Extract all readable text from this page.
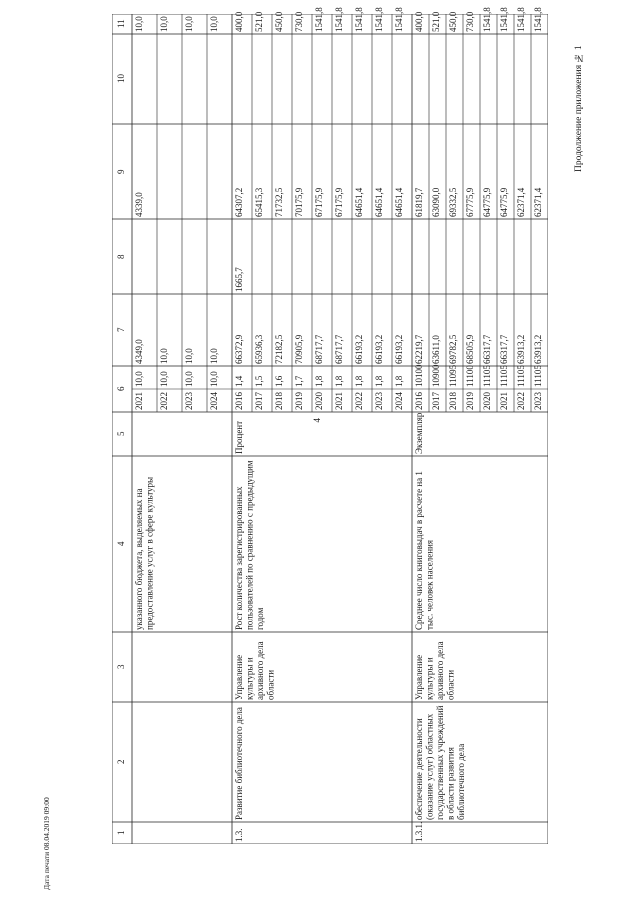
4
Продолжение приложения № 1
Дата печати 08.04.2019 09:00	1
2
3
4
5
6
7
8
9
10
11 10,0
4339,0
4349,0
2021
10,0
10,0
10,0
2022
10,0
10,0
10,0
2023
10,0
10,0
10,0
2024
10,0
указанного бюджета, выделяемых на предоставление услуг в сфере культуры
400,0
64307,2
1665,7
66372,9
2016
1,4
521,0
65415,3
65936,3
2017
1,5
450,0
71732,5
72182,5
2018
1,6
730,0
70175,9
70905,9
2019
1,7
1541,8
67175,9
68717,7
2020
1,8
1541,8
67175,9
68717,7
2021
1,8
1541,8
64651,4
66193,2
2022
1,8
1541,8
64651,4
66193,2
2023
1,8
1541,8
64651,4
66193,2
2024
1,8
1.3.
Развитие библиотечного дела
Управление культуры и архивного дела области
Рост количества зарегистрированных пользователей по сравнению с предыдущим годом
Процент
400,0
61819,7
62219,7
2016
10100
521,0
63090,0
63611,0
2017
10900
450,0
69332,5
69782,5
2018
11095
730,0
67775,9
68505,9
2019
11100
1541,8
64775,9
66317,7
2020
11105
1541,8
64775,9
66317,7
2021
11105
1541,8
62371,4
63913,2
2022
11105
1541,8
62371,4
63913,2
2023
11105
1.3.1.
обеспечение деятельности (оказание услуг) областных государственных учреждений в области развития библиотечного дела
Управление культуры и архивного дела области
Среднее число книговыдач в расчете на 1 тыс. человек населения
Экземпляр
